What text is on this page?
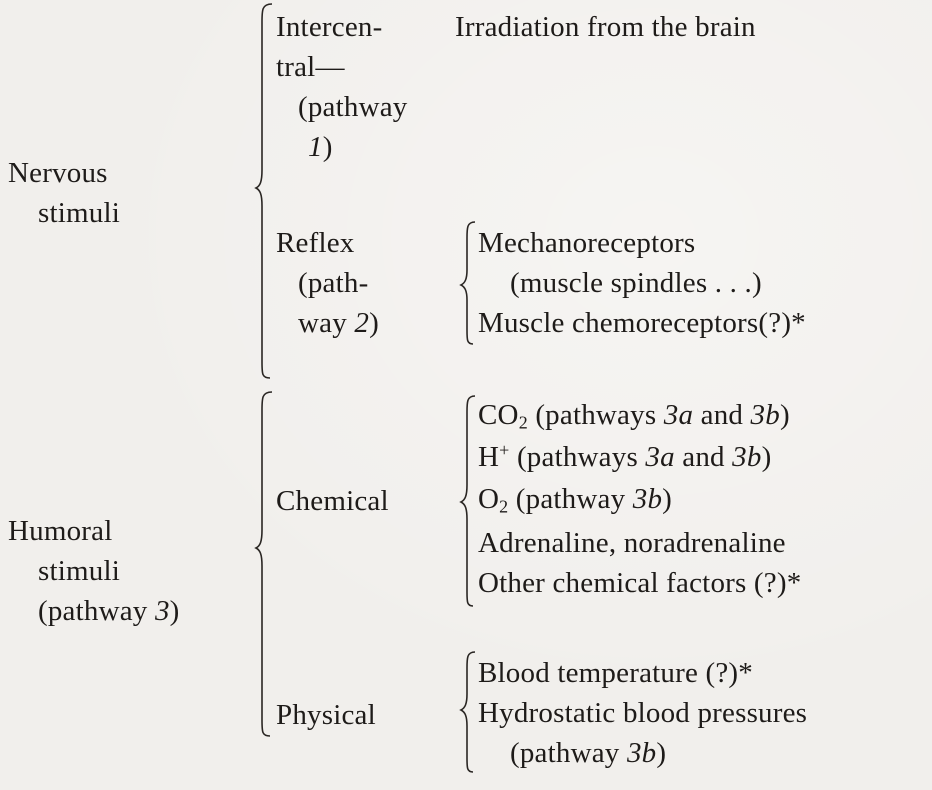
Nervous
stimuli
Intercen-
tral—
(pathway
1)
Irradiation from the brain
Reflex
(path-
way 2)
Mechanoreceptors
(muscle spindles . . .)
Muscle chemoreceptors(?)*
Humoral
stimuli
(pathway 3)
Chemical
$CO_2$ (pathways 3a and 3b)
H+ (pathways 3a and 3b)
$O_2$ (pathway 3b)
Adrenaline, noradrenaline
Other chemical factors (?)*
Physical
Blood temperature (?)*
Hydrostatic blood pressures
(pathway 3b)
